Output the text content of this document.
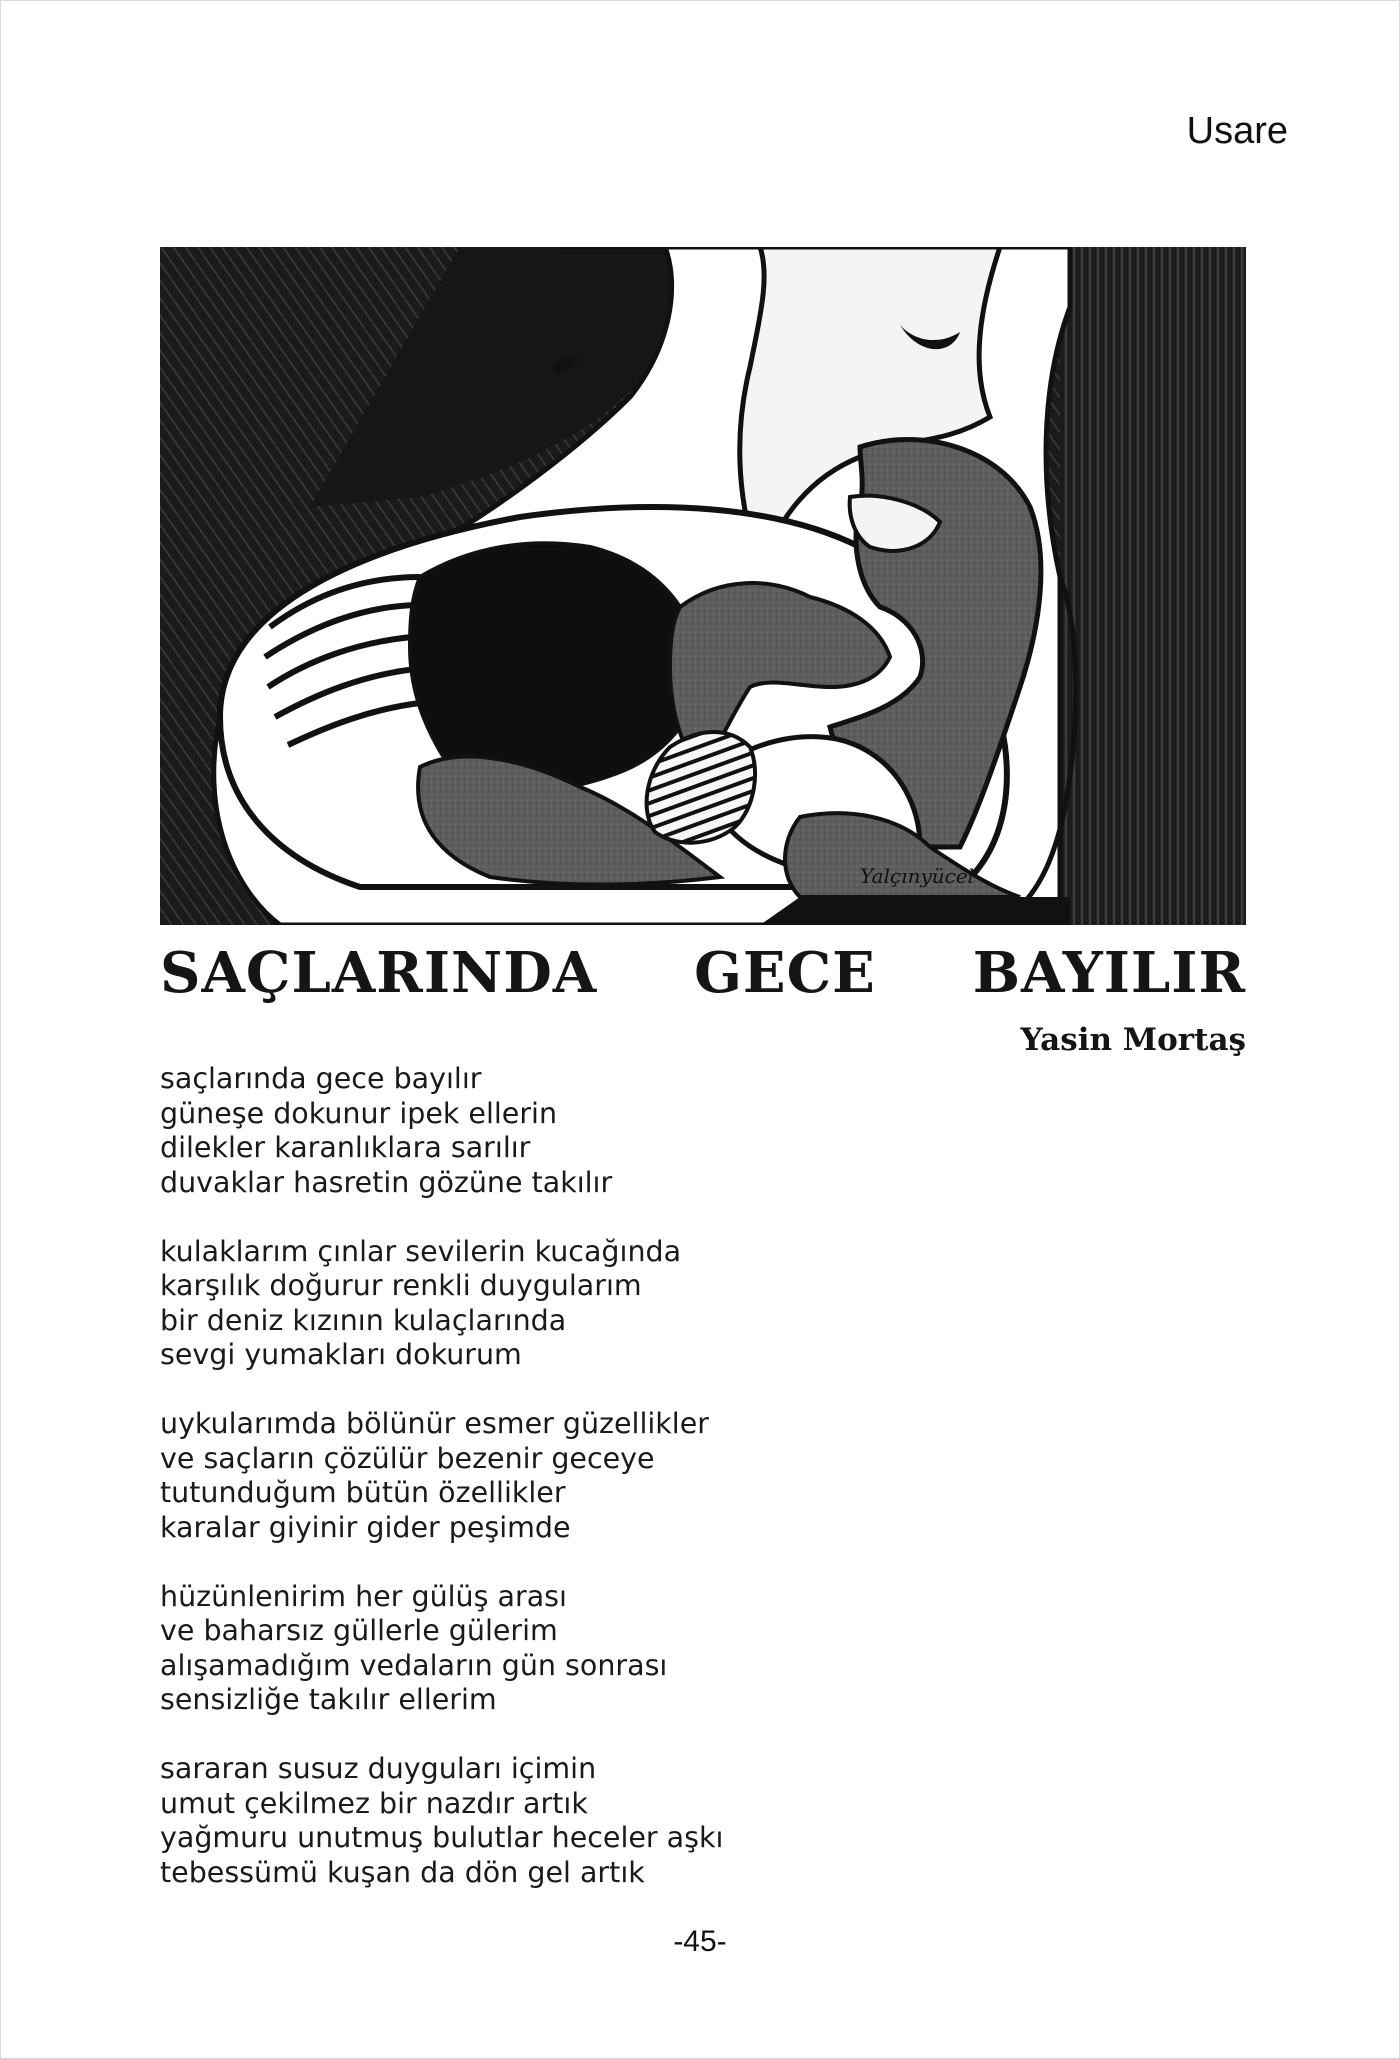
Usare
Yalçınyücel
SAÇLARINDA GECE BAYILIR
Yasin Mortaş
saçlarında gece bayılır
güneşe dokunur ipek ellerin
dilekler karanlıklara sarılır
duvaklar hasretin gözüne takılır
kulaklarım çınlar sevilerin kucağında
karşılık doğurur renkli duygularım
bir deniz kızının kulaçlarında
sevgi yumakları dokurum
uykularımda bölünür esmer güzellikler
ve saçların çözülür bezenir geceye
tutunduğum bütün özellikler
karalar giyinir gider peşimde
hüzünlenirim her gülüş arası
ve baharsız güllerle gülerim
alışamadığım vedaların gün sonrası
sensizliğe takılır ellerim
sararan susuz duyguları içimin
umut çekilmez bir nazdır artık
yağmuru unutmuş bulutlar heceler aşkı
tebessümü kuşan da dön gel artık
-45-
